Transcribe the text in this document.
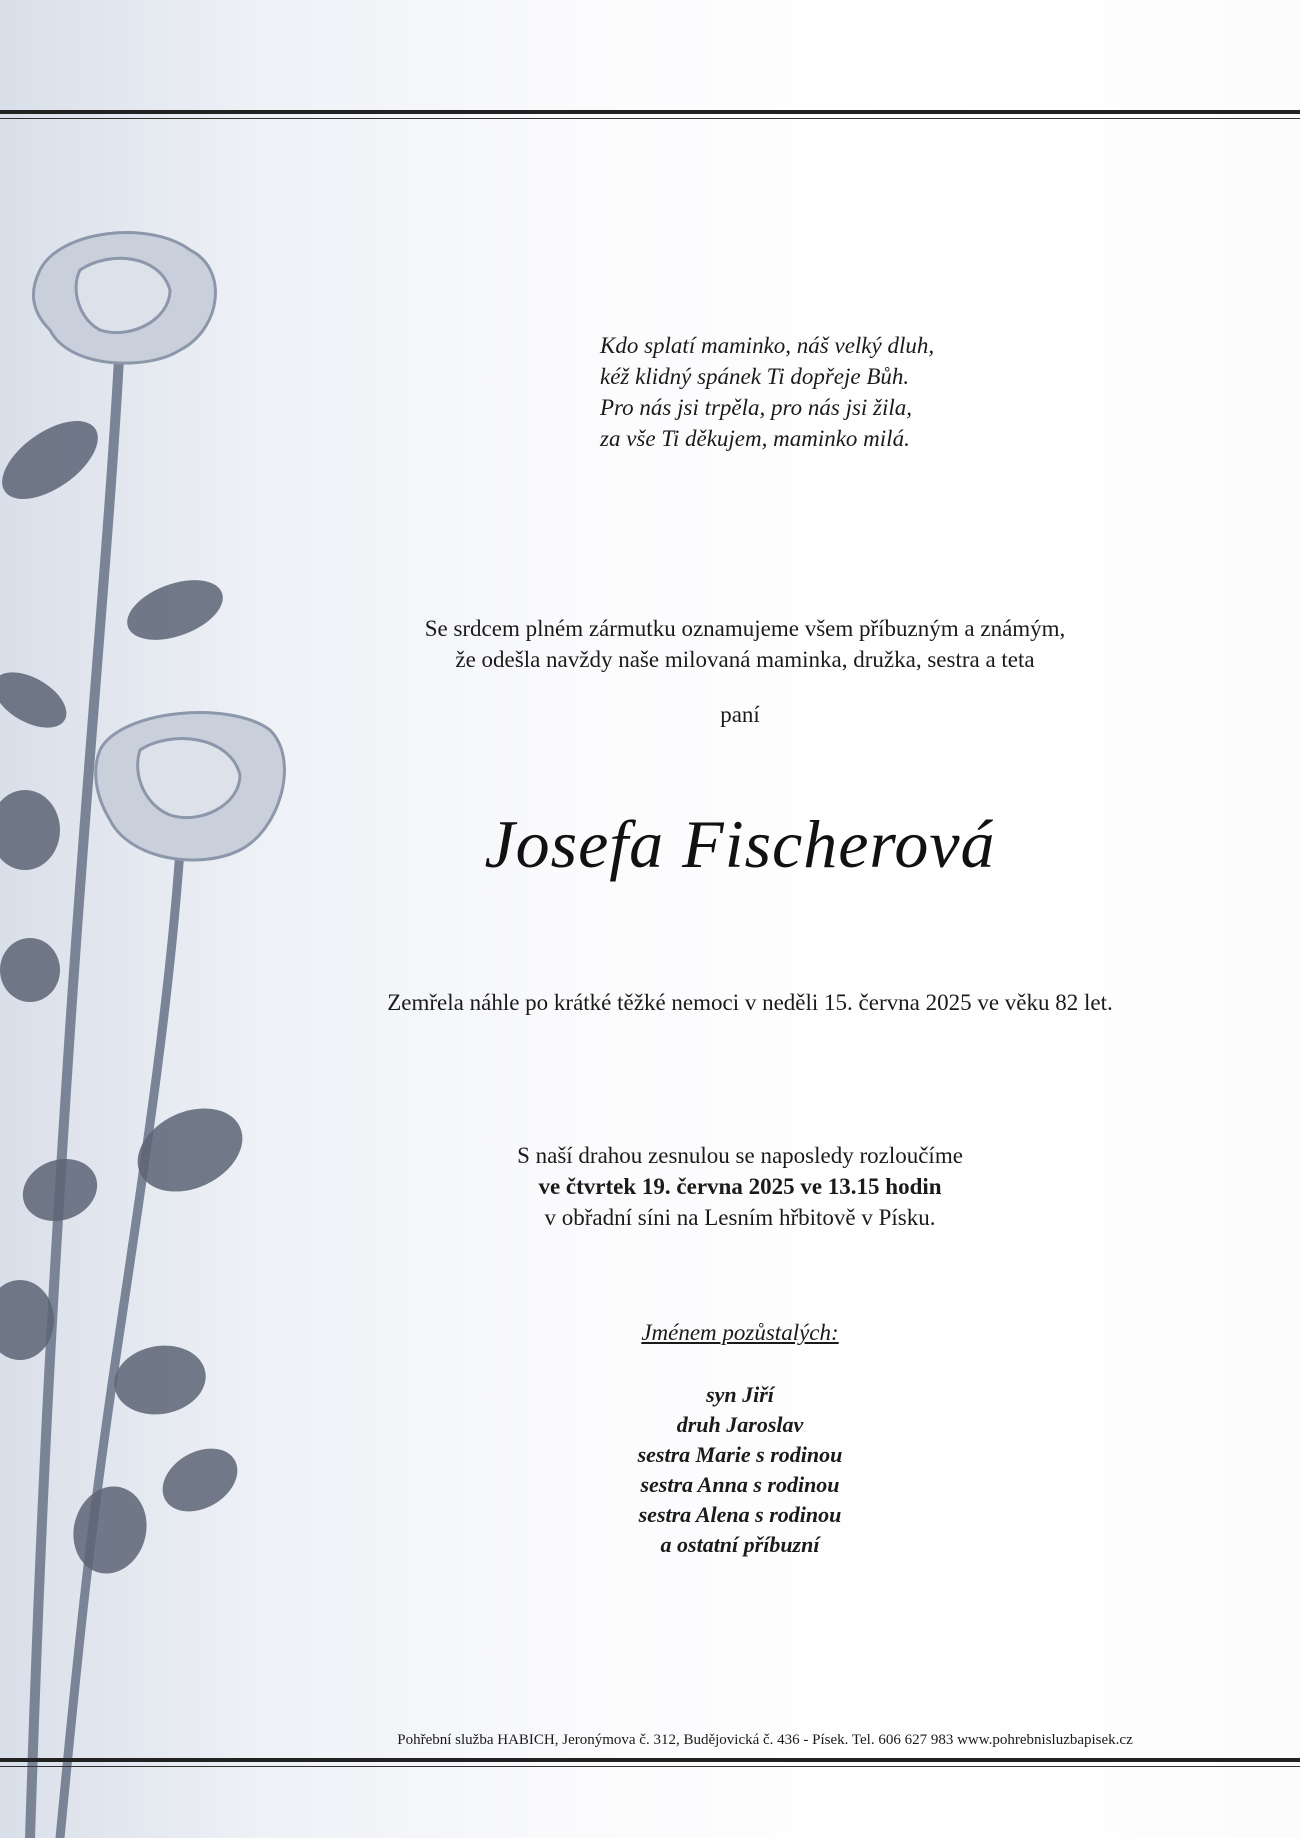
Kdo splatí maminko, náš velký dluh,
kéž klidný spánek Ti dopřeje Bůh.
Pro nás jsi trpěla, pro nás jsi žila,
za vše Ti děkujem, maminko milá.
Se srdcem plném zármutku oznamujeme všem příbuzným a známým,
že odešla navždy naše milovaná maminka, družka, sestra a teta
paní
Josefa Fischerová
Zemřela náhle po krátké těžké nemoci v neděli 15. června 2025 ve věku 82 let.
S naší drahou zesnulou se naposledy rozloučíme
ve čtvrtek 19. června 2025 ve 13.15 hodin
v obřadní síni na Lesním hřbitově v Písku.
Jménem pozůstalých:
syn Jiří
druh Jaroslav
sestra Marie s rodinou
sestra Anna s rodinou
sestra Alena s rodinou
a ostatní příbuzní
Pohřební služba HABICH, Jeronýmova č. 312, Budějovická č. 436 - Písek. Tel. 606 627 983 www.pohrebnisluzbapisek.cz
